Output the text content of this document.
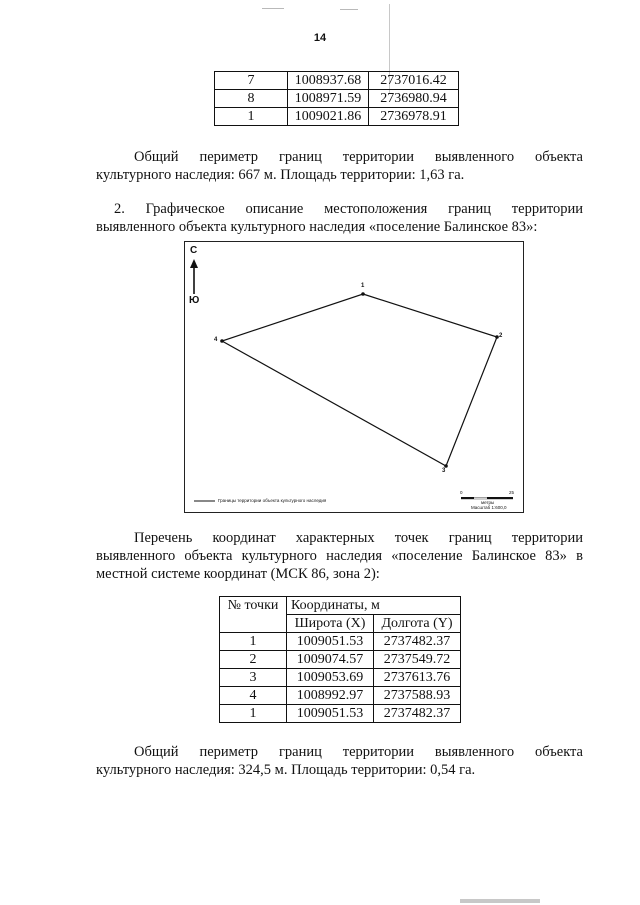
14
7	1008937.68	2737016.42
8	1008971.59	2736980.94
1	1009021.86	2736978.91
Общий периметр границ территории выявленного объекта
культурного наследия: 667 м. Площадь территории: 1,63 га.
2. Графическое описание местоположения границ территории
выявленного объекта культурного наследия «поселение Балинское 83»:
С
Ю
1
2
3
4
Границы территории объекта культурного наследия
0	25
метры
Масштаб 1:600,0
Перечень координат характерных точек границ территории
выявленного объекта культурного наследия «поселение Балинское 83» в
местной системе координат (МСК 86, зона 2):
№ точки	Координаты, м	
	Широта (X)	Долгота (Y)
1	1009051.53	2737482.37
2	1009074.57	2737549.72
3	1009053.69	2737613.76
4	1008992.97	2737588.93
1	1009051.53	2737482.37
Общий периметр границ территории выявленного объекта
культурного наследия: 324,5 м. Площадь территории: 0,54 га.
